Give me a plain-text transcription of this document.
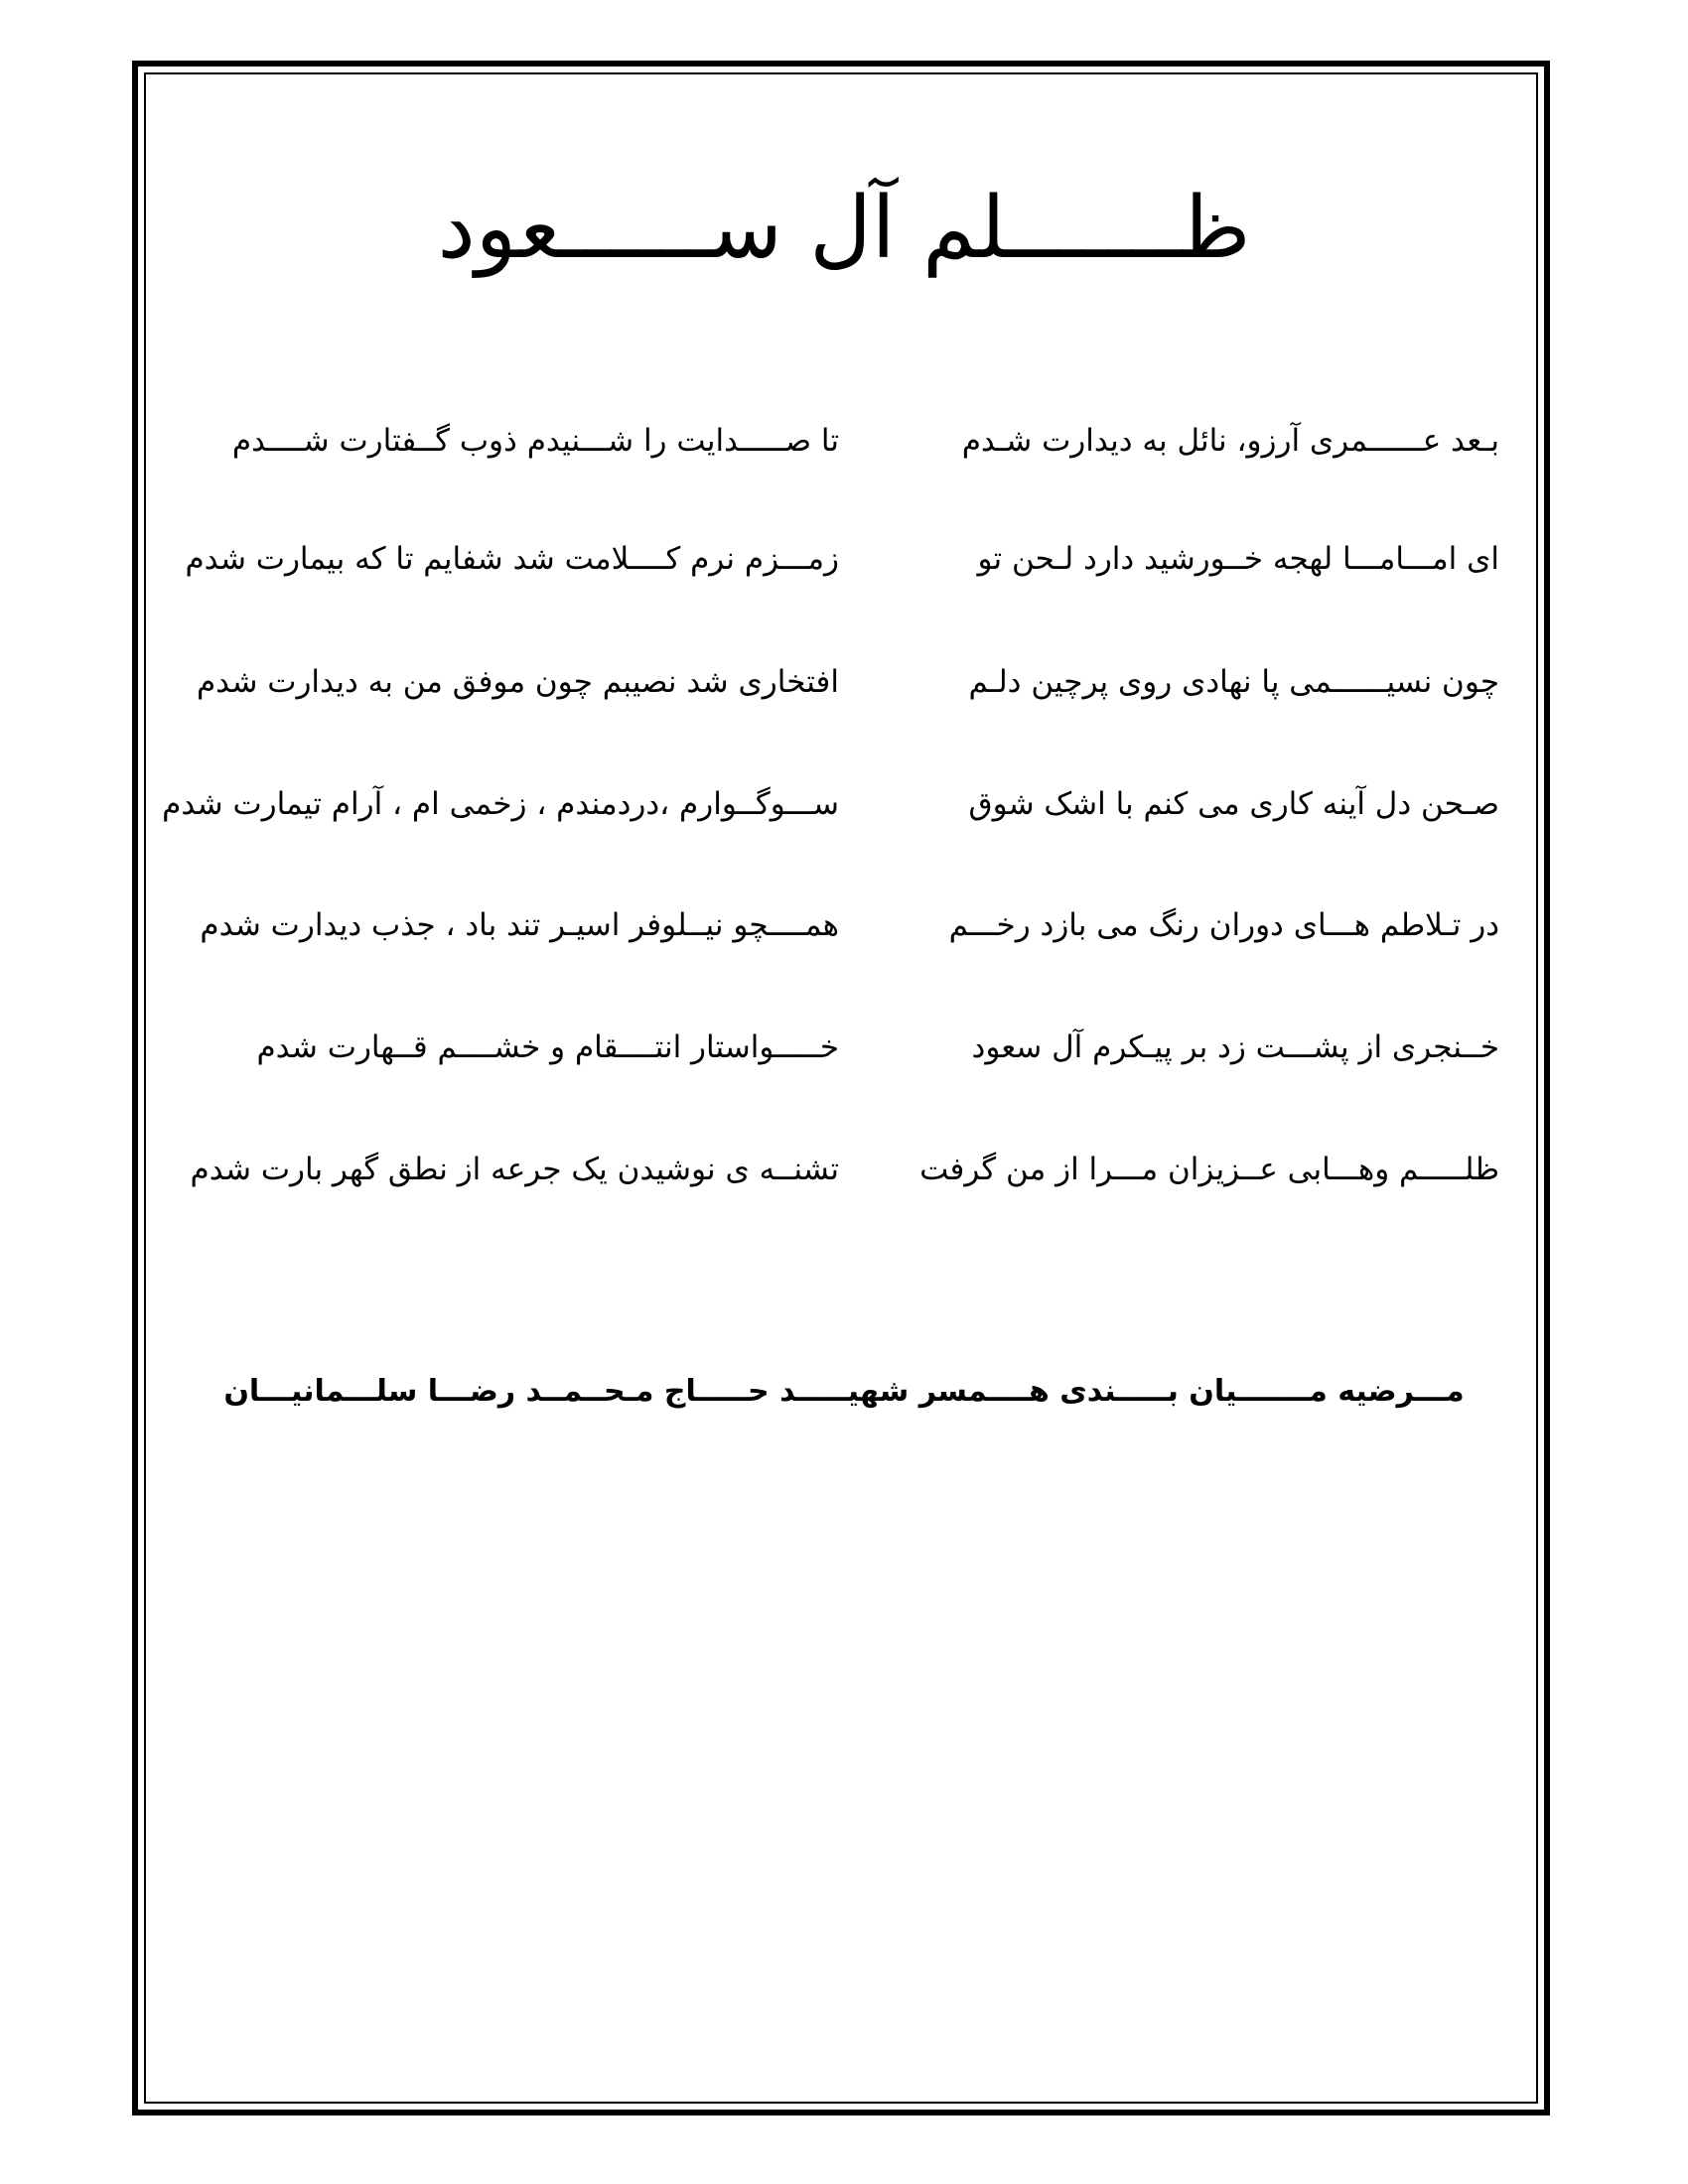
ظـــــــلم آل ســــــعود
بـعد عــــــمری آرزو، نائل به دیدارت شـدم
تا صـــــدایت را شـــنیدم ذوب گــفتارت شــــدم
ای امـــامـــا لهجه خــورشید دارد لـحن تو
زمـــزم نرم کــــلامت شد شفایم تا که بیمارت شدم
چون نسیــــــمی پا نهادی روی پرچین دلـم
افتخاری شد نصیبم چون موفق من به دیدارت شدم
صـحن دل آینه کاری می کنم با اشک شوق
ســـوگــوارم ،دردمندم ، زخمی ام ، آرام تیمارت شدم
در تـلاطم هـــای دوران رنگ می بازد رخـــم
همــــچو نیــلوفر اسیـر تند باد ، جذب دیدارت شدم
خــنجری از پشـــت زد بر پیـکرم آل سعود
خـــــواستار انتــــقام و خشــــم قــهارت شدم
ظلـــــم وهـــابی عــزیزان مـــرا از من گرفت
تشنــه ی نوشیدن یک جرعه از نطق گهر بارت شدم
مـــرضیه مـــــــیان بـــــندی هــــمسر شهیـــــد حـــــاج مـحــمــد رضـــا سلـــمانیـــان
